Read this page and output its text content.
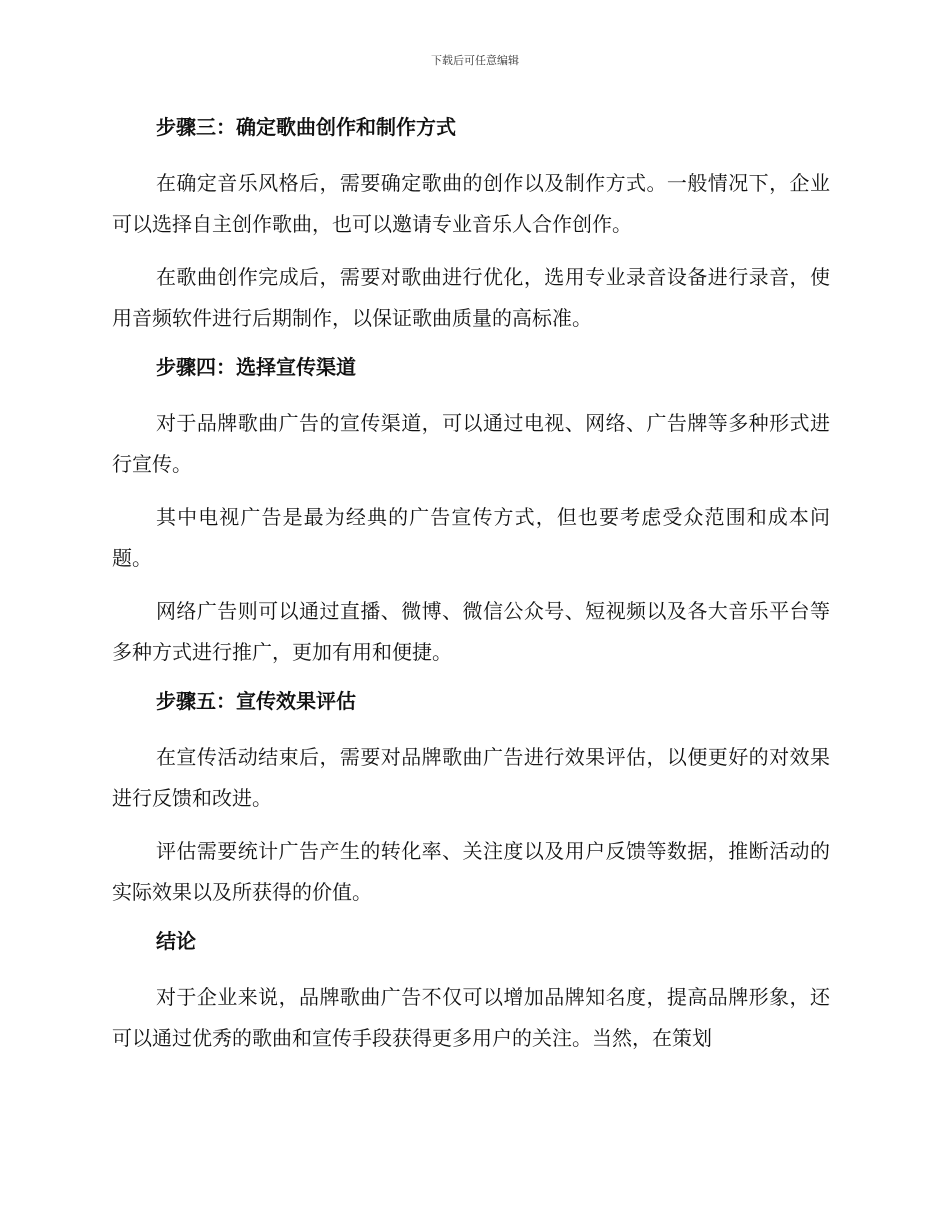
下载后可任意编辑
步骤三：确定歌曲创作和制作方式

在确定音乐风格后，需要确定歌曲的创作以及制作方式。一般情况下，企业可以选择自主创作歌曲，也可以邀请专业音乐人合作创作。

在歌曲创作完成后，需要对歌曲进行优化，选用专业录音设备进行录音，使用音频软件进行后期制作，以保证歌曲质量的高标准。

步骤四：选择宣传渠道

对于品牌歌曲广告的宣传渠道，可以通过电视、网络、广告牌等多种形式进行宣传。

其中电视广告是最为经典的广告宣传方式，但也要考虑受众范围和成本问题。

网络广告则可以通过直播、微博、微信公众号、短视频以及各大音乐平台等多种方式进行推广，更加有用和便捷。

步骤五：宣传效果评估

在宣传活动结束后，需要对品牌歌曲广告进行效果评估，以便更好的对效果进行反馈和改进。

评估需要统计广告产生的转化率、关注度以及用户反馈等数据，推断活动的实际效果以及所获得的价值。

结论

对于企业来说，品牌歌曲广告不仅可以增加品牌知名度，提高品牌形象，还可以通过优秀的歌曲和宣传手段获得更多用户的关注。当然，在策划
